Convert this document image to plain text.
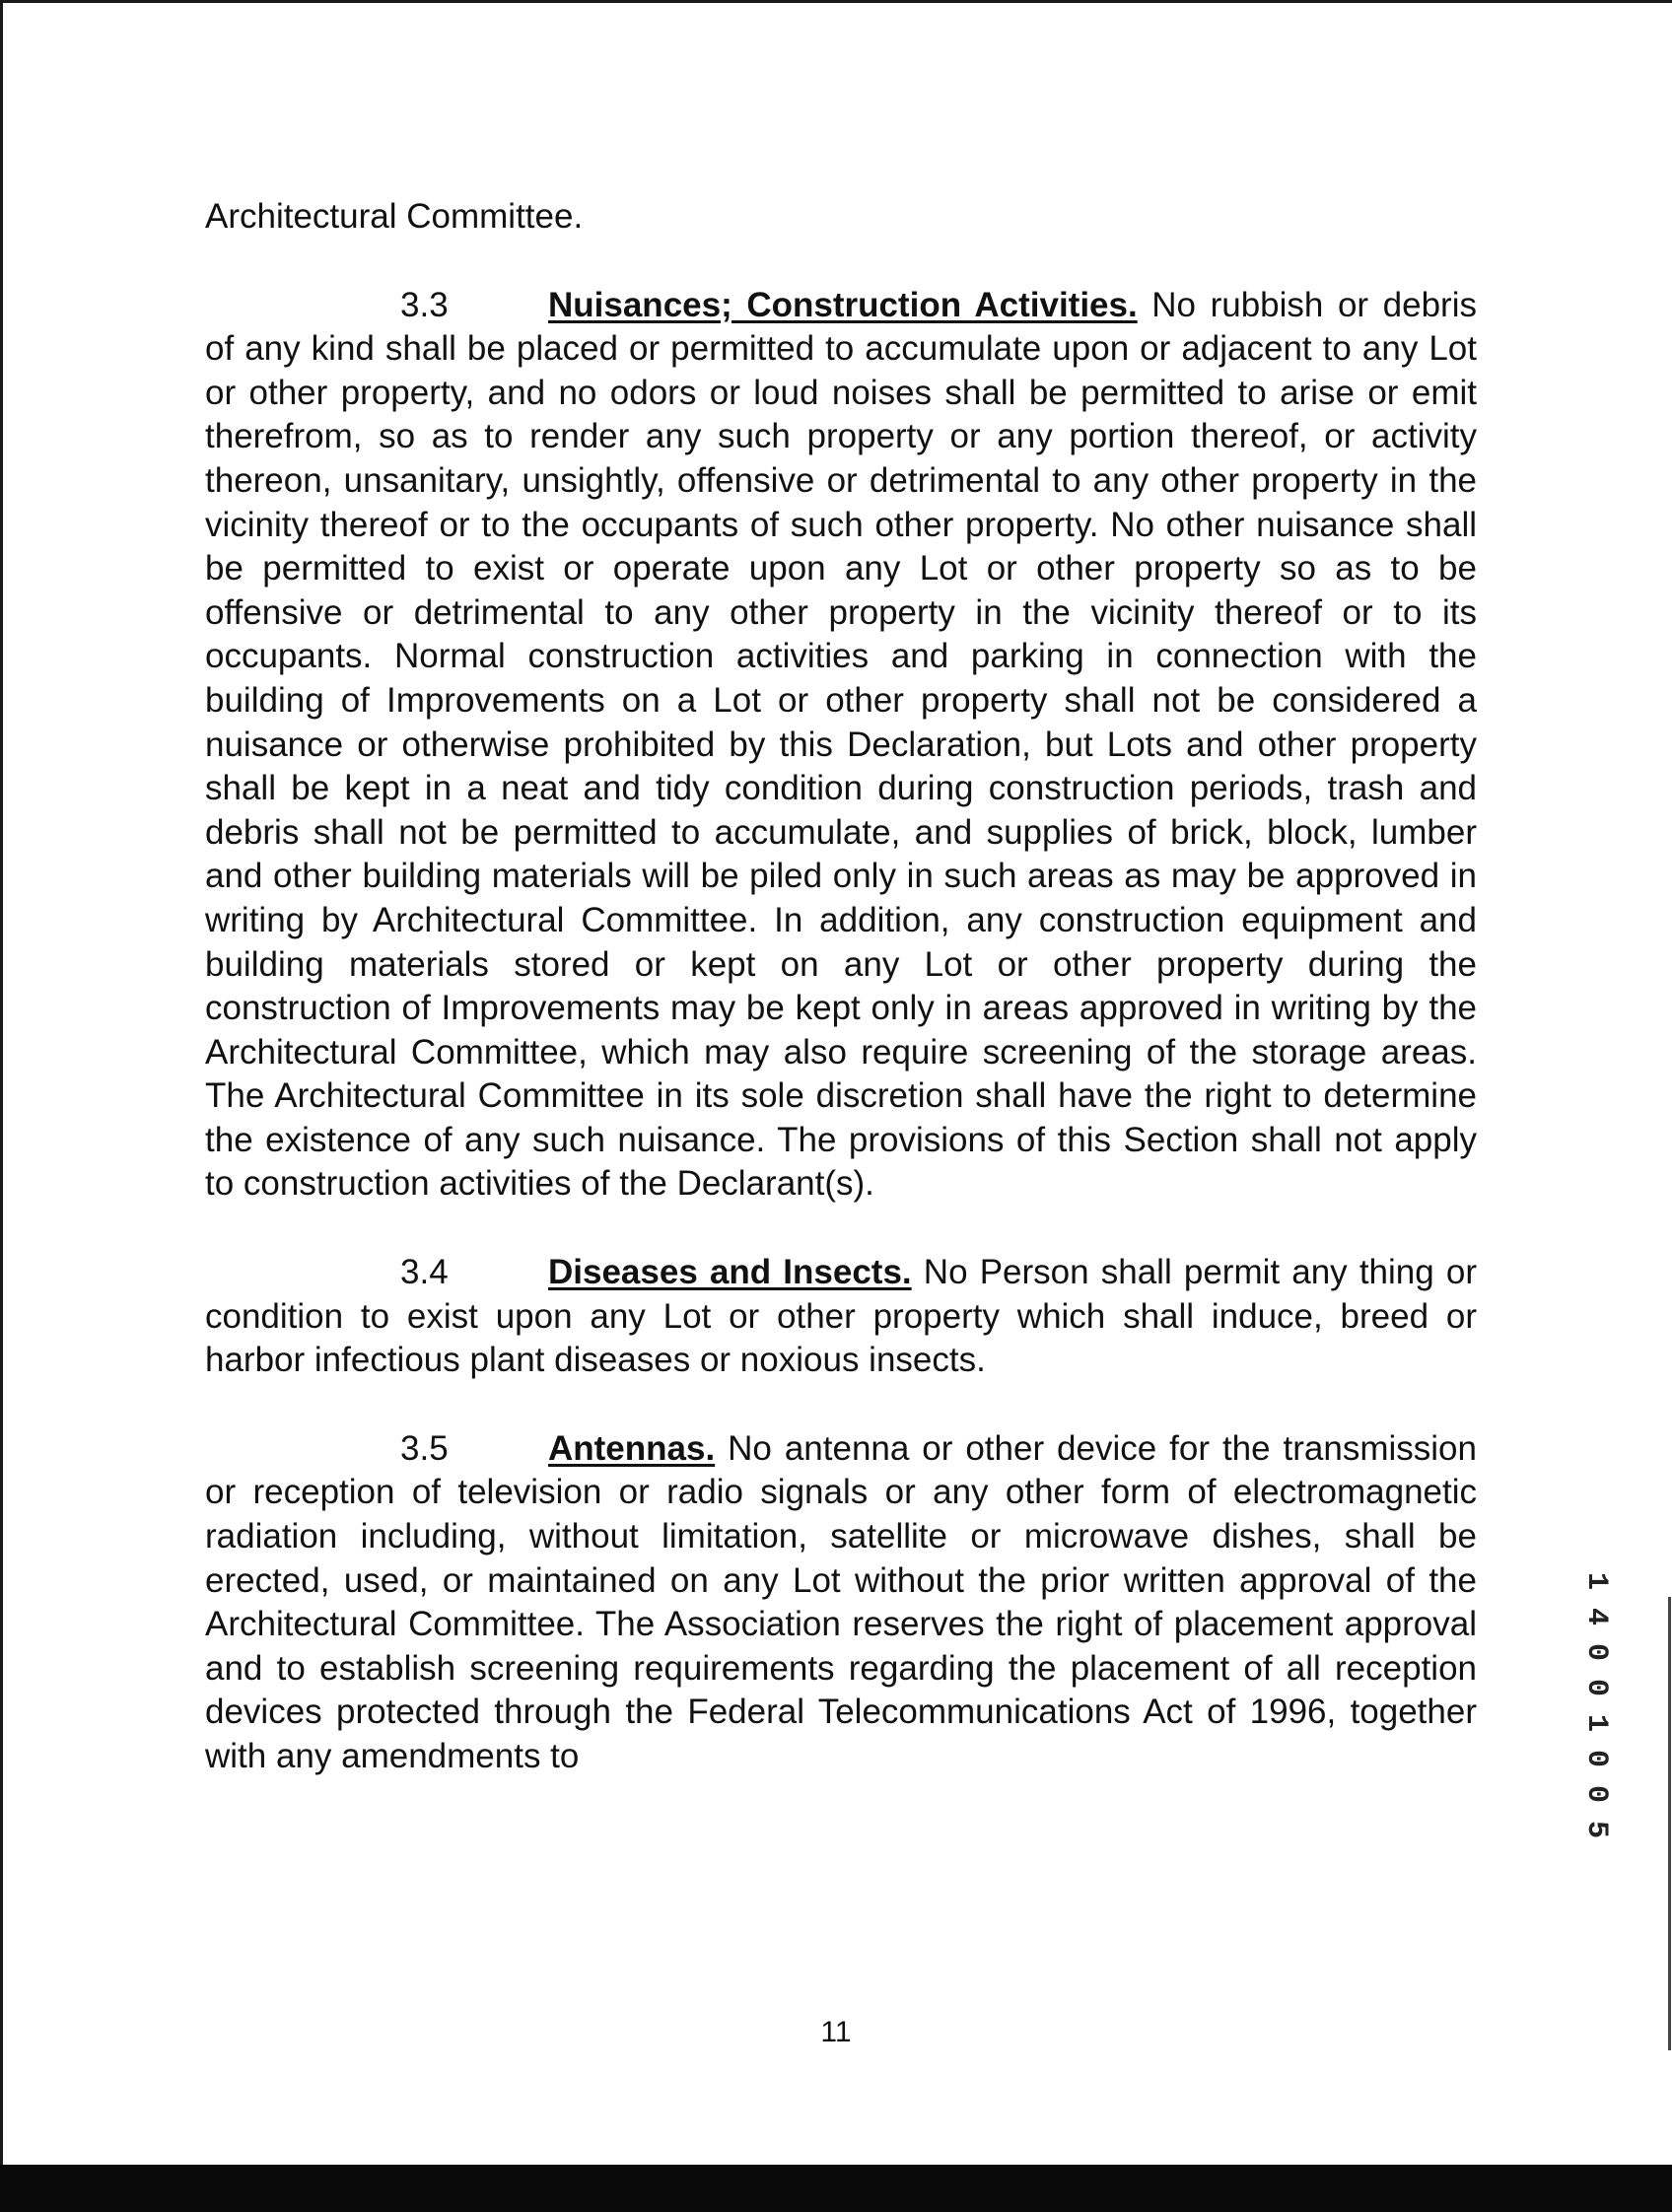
Architectural Committee.

3.3	Nuisances; Construction Activities. No rubbish or debris of any kind shall be placed or permitted to accumulate upon or adjacent to any Lot or other property, and no odors or loud noises shall be permitted to arise or emit therefrom, so as to render any such property or any portion thereof, or activity thereon, unsanitary, unsightly, offensive or detrimental to any other property in the vicinity thereof or to the occupants of such other property. No other nuisance shall be permitted to exist or operate upon any Lot or other property so as to be offensive or detrimental to any other property in the vicinity thereof or to its occupants. Normal construction activities and parking in connection with the building of Improvements on a Lot or other property shall not be considered a nuisance or otherwise prohibited by this Declaration, but Lots and other property shall be kept in a neat and tidy condition during construction periods, trash and debris shall not be permitted to accumulate, and supplies of brick, block, lumber and other building materials will be piled only in such areas as may be approved in writing by Architectural Committee. In addition, any construction equipment and building materials stored or kept on any Lot or other property during the construction of Improvements may be kept only in areas approved in writing by the Architectural Committee, which may also require screening of the storage areas. The Architectural Committee in its sole discretion shall have the right to determine the existence of any such nuisance. The provisions of this Section shall not apply to construction activities of the Declarant(s).

3.4	Diseases and Insects. No Person shall permit any thing or condition to exist upon any Lot or other property which shall induce, breed or harbor infectious plant diseases or noxious insects.

3.5	Antennas. No antenna or other device for the transmission or reception of television or radio signals or any other form of electromagnetic radiation including, without limitation, satellite or microwave dishes, shall be erected, used, or maintained on any Lot without the prior written approval of the Architectural Committee. The Association reserves the right of placement approval and to establish screening requirements regarding the placement of all reception devices protected through the Federal Telecommunications Act of 1996, together with any amendments to

1
4
0
0
1
0
0
5
11
